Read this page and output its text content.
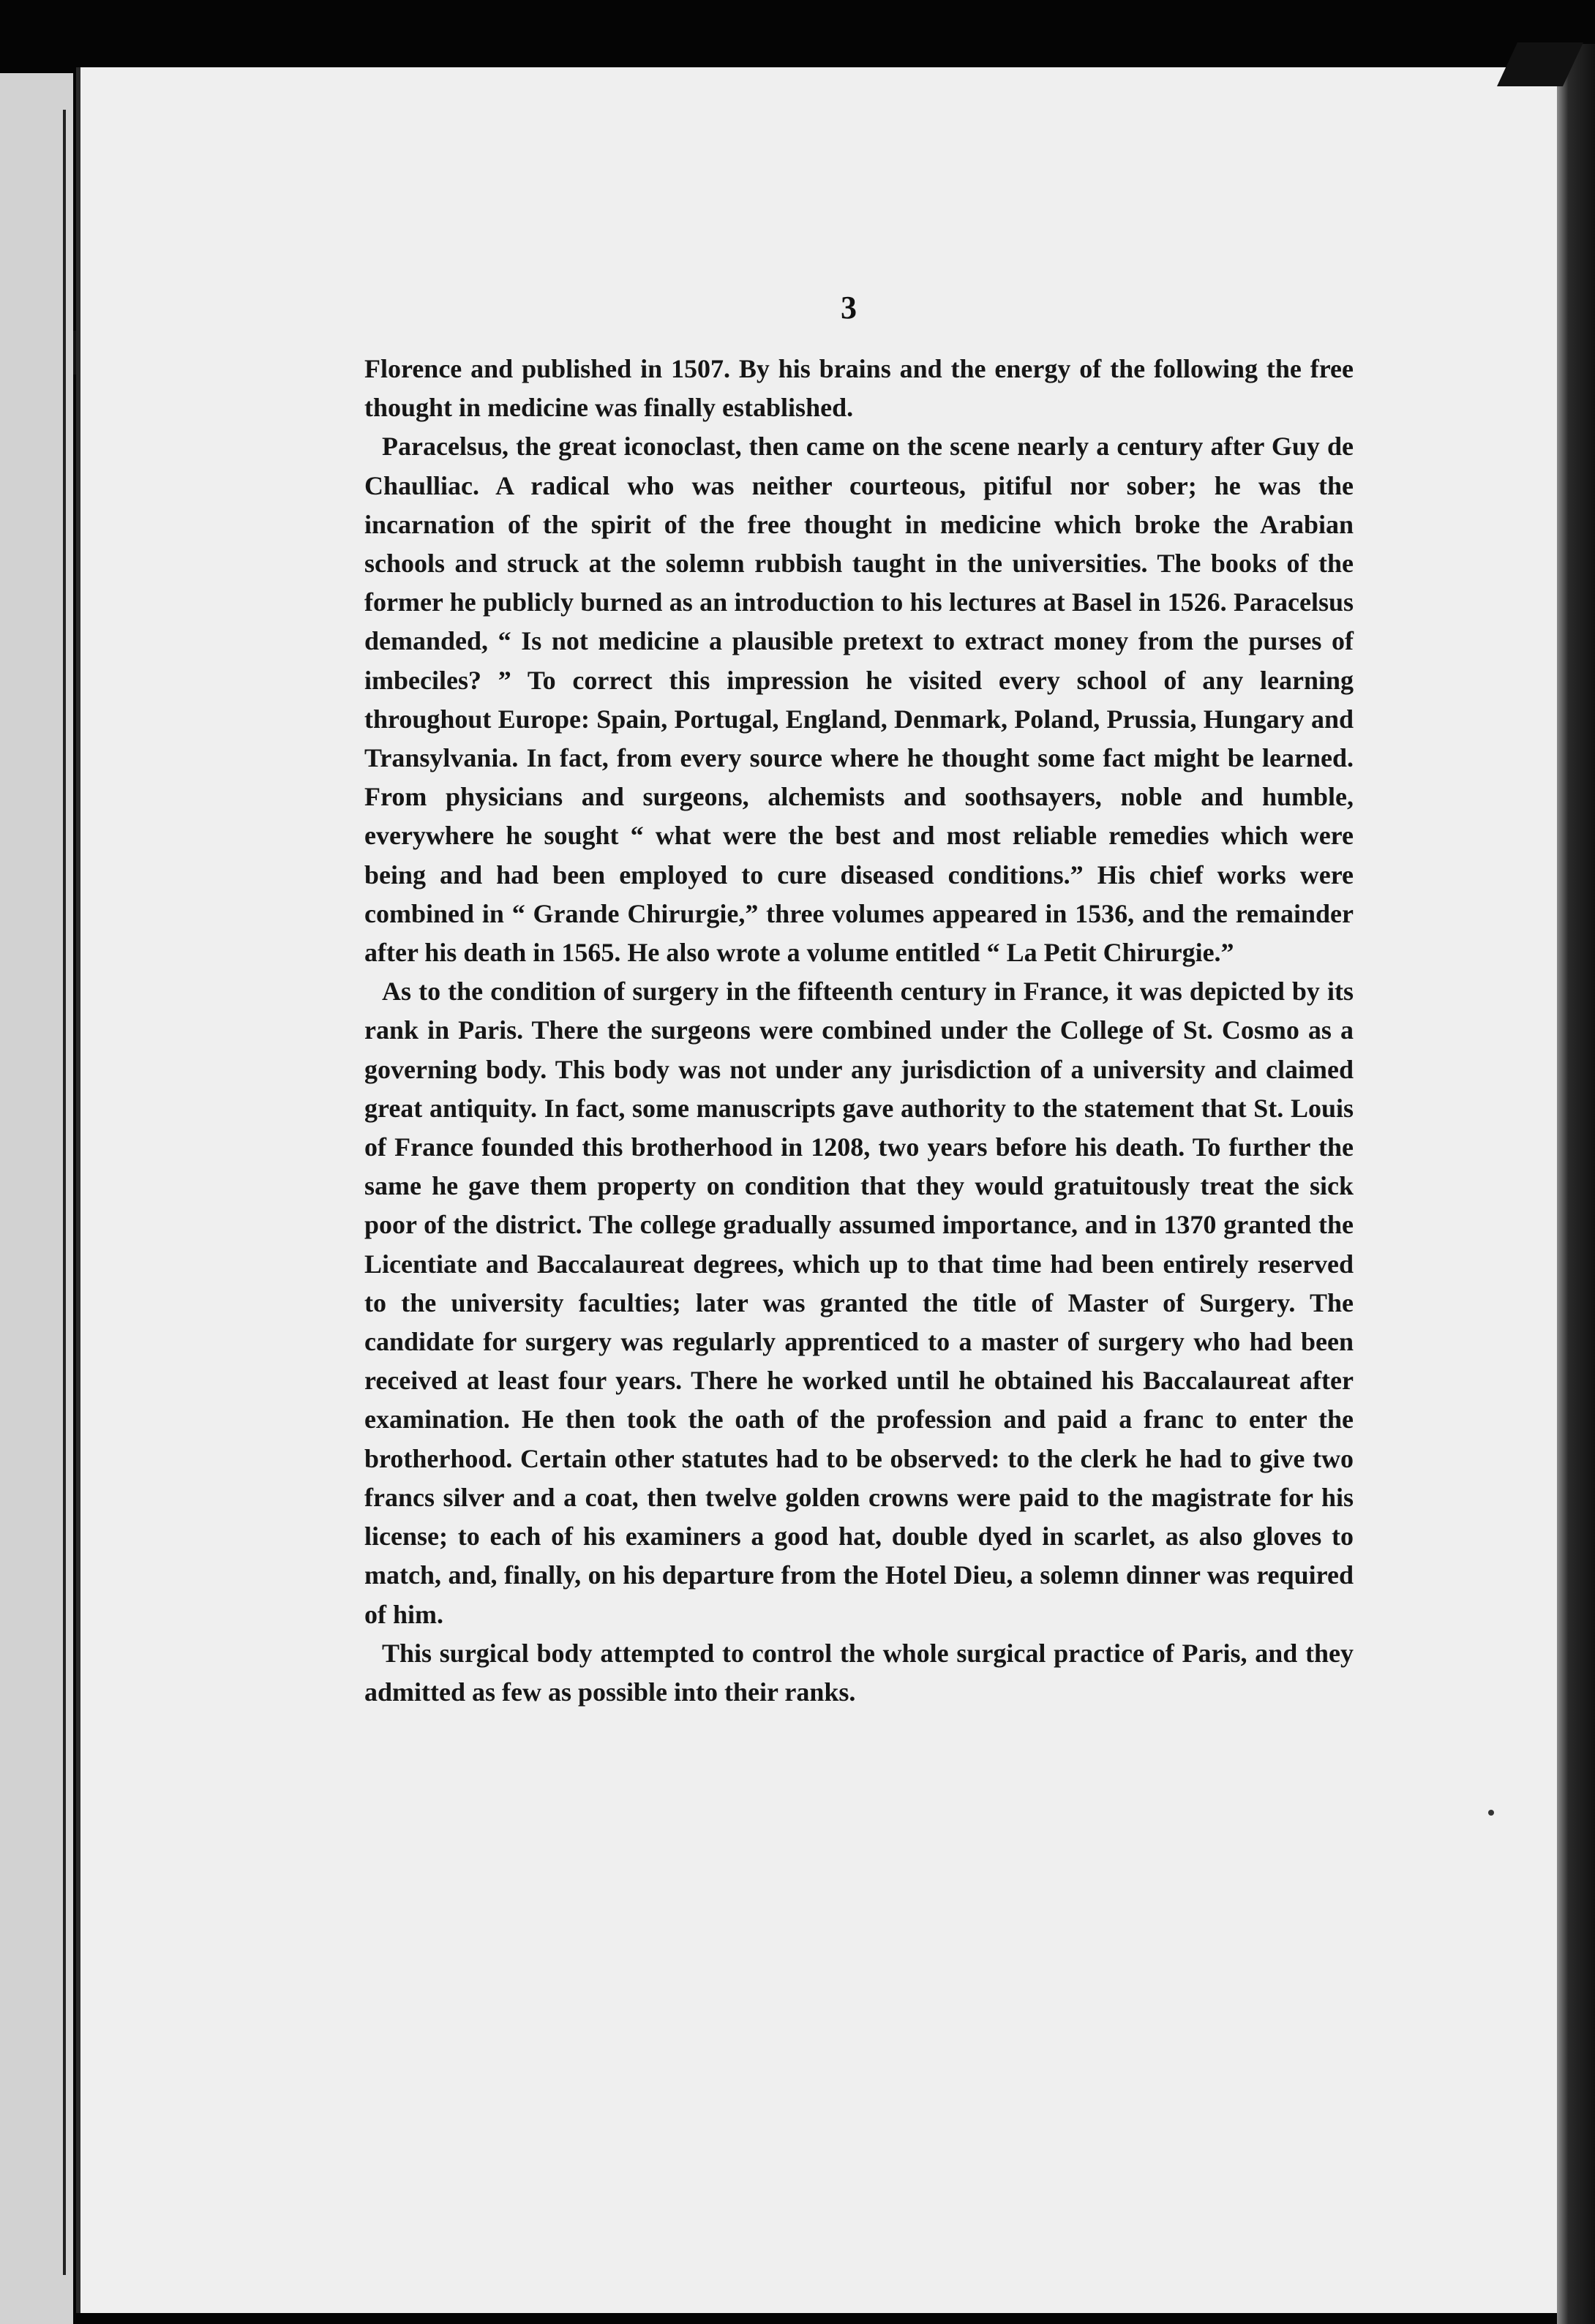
3

Florence and published in 1507. By his brains and the energy of the following the free thought in medicine was finally established.

Paracelsus, the great iconoclast, then came on the scene nearly a century after Guy de Chaulliac. A radical who was neither courteous, pitiful nor sober; he was the incarnation of the spirit of the free thought in medicine which broke the Arabian schools and struck at the solemn rubbish taught in the universities. The books of the former he publicly burned as an introduction to his lectures at Basel in 1526. Paracelsus demanded, “ Is not medicine a plausible pretext to extract money from the purses of imbeciles? ” To correct this impression he visited every school of any learning throughout Europe: Spain, Portugal, England, Denmark, Poland, Prussia, Hungary and Transylvania. In fact, from every source where he thought some fact might be learned. From physicians and surgeons, alchemists and soothsayers, noble and humble, everywhere he sought “ what were the best and most reliable remedies which were being and had been employed to cure diseased conditions.” His chief works were combined in “ Grande Chirurgie,” three volumes appeared in 1536, and the remainder after his death in 1565. He also wrote a volume entitled “ La Petit Chirurgie.”

As to the condition of surgery in the fifteenth century in France, it was depicted by its rank in Paris. There the surgeons were combined under the College of St. Cosmo as a governing body. This body was not under any jurisdiction of a university and claimed great antiquity. In fact, some manuscripts gave authority to the statement that St. Louis of France founded this brotherhood in 1208, two years before his death. To further the same he gave them property on condition that they would gratuitously treat the sick poor of the district. The college gradually assumed importance, and in 1370 granted the Licentiate and Baccalaureat degrees, which up to that time had been entirely reserved to the university faculties; later was granted the title of Master of Surgery. The candidate for surgery was regularly apprenticed to a master of surgery who had been received at least four years. There he worked until he obtained his Baccalaureat after examination. He then took the oath of the profession and paid a franc to enter the brotherhood. Certain other statutes had to be observed: to the clerk he had to give two francs silver and a coat, then twelve golden crowns were paid to the magistrate for his license; to each of his examiners a good hat, double dyed in scarlet, as also gloves to match, and, finally, on his departure from the Hotel Dieu, a solemn dinner was required of him.

This surgical body attempted to control the whole surgical practice of Paris, and they admitted as few as possible into their ranks.
